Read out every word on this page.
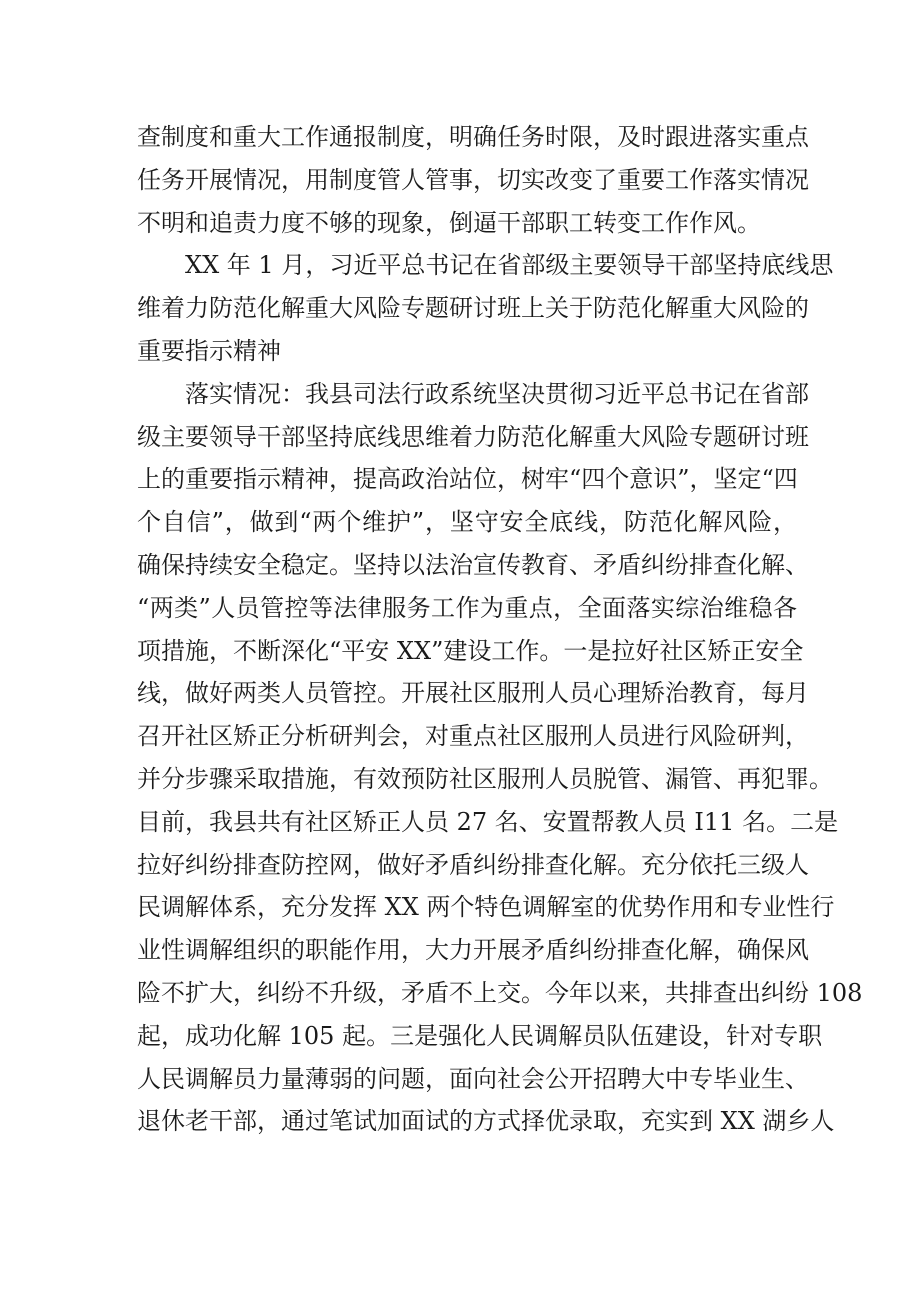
查制度和重大工作通报制度，明确任务时限，及时跟进落实重点
任务开展情况，用制度管人管事，切实改变了重要工作落实情况
不明和追责力度不够的现象，倒逼干部职工转变工作作风。
XX 年 1 月，习近平总书记在省部级主要领导干部坚持底线思
维着力防范化解重大风险专题研讨班上关于防范化解重大风险的
重要指示精神
落实情况：我县司法行政系统坚决贯彻习近平总书记在省部
级主要领导干部坚持底线思维着力防范化解重大风险专题研讨班
上的重要指示精神，提高政治站位，树牢“四个意识”，坚定“四
个自信”，做到“两个维护”，坚守安全底线，防范化解风险，
确保持续安全稳定。坚持以法治宣传教育、矛盾纠纷排查化解、
“两类”人员管控等法律服务工作为重点，全面落实综治维稳各
项措施，不断深化“平安 XX”建设工作。一是拉好社区矫正安全
线，做好两类人员管控。开展社区服刑人员心理矫治教育，每月
召开社区矫正分析研判会，对重点社区服刑人员进行风险研判，
并分步骤采取措施，有效预防社区服刑人员脱管、漏管、再犯罪。
目前，我县共有社区矫正人员 27 名、安置帮教人员 I11 名。二是
拉好纠纷排查防控网，做好矛盾纠纷排查化解。充分依托三级人
民调解体系，充分发挥 XX 两个特色调解室的优势作用和专业性行
业性调解组织的职能作用，大力开展矛盾纠纷排查化解，确保风
险不扩大，纠纷不升级，矛盾不上交。今年以来，共排查出纠纷 108
起，成功化解 105 起。三是强化人民调解员队伍建设，针对专职
人民调解员力量薄弱的问题，面向社会公开招聘大中专毕业生、
退休老干部，通过笔试加面试的方式择优录取，充实到 XX 湖乡人
